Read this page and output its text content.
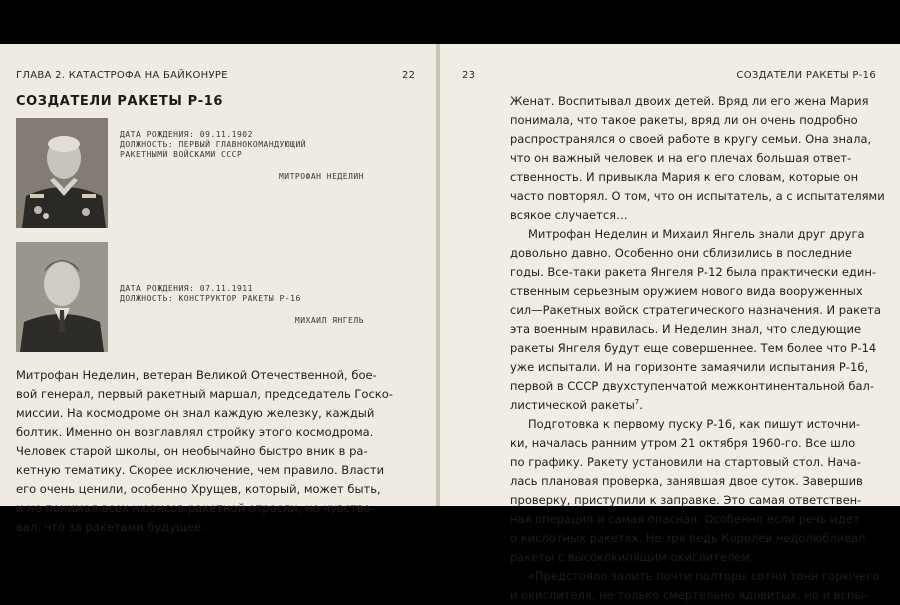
ГЛАВА 2. КАТАСТРОФА НА БАЙКОНУРЕ	22
СОЗДАТЕЛИ РАКЕТЫ Р-16
ДАТА РОЖДЕНИЯ: 09.11.1902
ДОЛЖНОСТЬ: ПЕРВЫЙ ГЛАВНОКОМАНДУЮЩИЙ
РАКЕТНЫМИ ВОЙСКАМИ СССР
МИТРОФАН НЕДЕЛИН
ДАТА РОЖДЕНИЯ: 07.11.1911
ДОЛЖНОСТЬ: КОНСТРУКТОР РАКЕТЫ Р-16
МИХАИЛ ЯНГЕЛЬ
Митрофан Неделин, ветеран Великой Отечественной, бое-
вой генерал, первый ракетный маршал, председатель Госко-
миссии. На космодроме он знал каждую железку, каждый
болтик. Именно он возглавлял стройку этого космодрома.
Человек старой школы, он необычайно быстро вник в ра-
кетную тематику. Скорее исключение, чем правило. Власти
его очень ценили, особенно Хрущев, который, может быть,
и не понимал всех нюансов ракетной отрасли, но чувство-
вал, что за ракетами будущее.
23	СОЗДАТЕЛИ РАКЕТЫ Р-16
Женат. Воспитывал двоих детей. Вряд ли его жена Мария
понимала, что такое ракеты, вряд ли он очень подробно
распространялся о своей работе в кругу семьи. Она знала,
что он важный человек и на его плечах большая ответ-
ственность. И привыкла Мария к его словам, которые он
часто повторял. О том, что он испытатель, а с испытателями
всякое случается…
Митрофан Неделин и Михаил Янгель знали друг друга
довольно давно. Особенно они сблизились в последние
годы. Все-таки ракета Янгеля Р-12 была практически един-
ственным серьезным оружием нового вида вооруженных
сил—Ракетных войск стратегического назначения. И ракета
эта военным нравилась. И Неделин знал, что следующие
ракеты Янгеля будут еще совершеннее. Тем более что Р-14
уже испытали. И на горизонте замаячили испытания Р-16,
первой в СССР двухступенчатой межконтинентальной бал-
листической ракеты$^7$.
Подготовка к первому пуску Р-16, как пишут источни-
ки, началась ранним утром 21 октября 1960-го. Все шло
по графику. Ракету установили на стартовый стол. Нача-
лась плановая проверка, занявшая двое суток. Завершив
проверку, приступили к заправке. Это самая ответствен-
ная операция и самая опасная. Особенно если речь идет
о кислотных ракетах. Не зря ведь Королев недолюбливал
ракеты с высококипящим окислителем.
«Предстояло залить почти полторы сотни тонн горючего
и окислителя, не только смертельно ядовитых, но и вспы-
